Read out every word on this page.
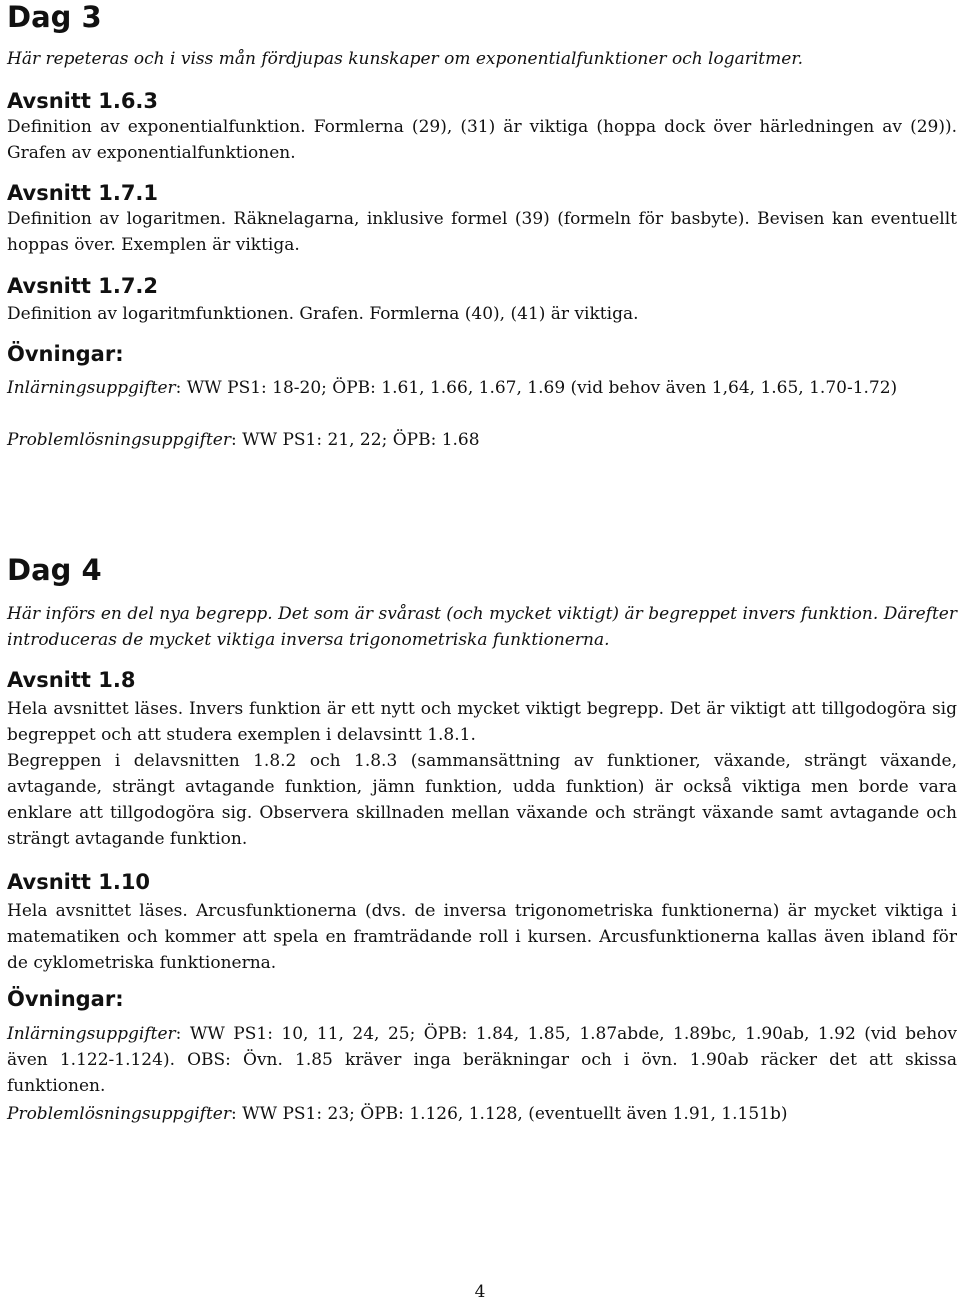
Dag 3

Här repeteras och i viss mån fördjupas kunskaper om exponentialfunktioner och logaritmer.

Avsnitt 1.6.3

Definition av exponentialfunktion. Formlerna (29), (31) är viktiga (hoppa dock över härledningen av (29)). Grafen av exponentialfunktionen.

Avsnitt 1.7.1

Definition av logaritmen. Räknelagarna, inklusive formel (39) (formeln för basbyte). Bevisen kan eventuellt hoppas över. Exemplen är viktiga.

Avsnitt 1.7.2

Definition av logaritmfunktionen. Grafen. Formlerna (40), (41) är viktiga.

Övningar:

Inlärningsuppgifter: WW PS1: 18-20; ÖPB: 1.61, 1.66, 1.67, 1.69 (vid behov även 1,64, 1.65, 1.70-1.72)

Problemlösningsuppgifter: WW PS1: 21, 22; ÖPB: 1.68

Dag 4

Här införs en del nya begrepp. Det som är svårast (och mycket viktigt) är begreppet invers funktion. Därefter introduceras de mycket viktiga inversa trigonometriska funktionerna.

Avsnitt 1.8

Hela avsnittet läses. Invers funktion är ett nytt och mycket viktigt begrepp. Det är viktigt att tillgodogöra sig begreppet och att studera exemplen i delavsintt 1.8.1.

Begreppen i delavsnitten 1.8.2 och 1.8.3 (sammansättning av funktioner, växande, strängt växande, avtagande, strängt avtagande funktion, jämn funktion, udda funktion) är också viktiga men borde vara enklare att tillgodogöra sig. Observera skillnaden mellan växande och strängt växande samt avtagande och strängt avtagande funktion.

Avsnitt 1.10

Hela avsnittet läses. Arcusfunktionerna (dvs. de inversa trigonometriska funktionerna) är mycket viktiga i matematiken och kommer att spela en framträdande roll i kursen. Arcusfunktionerna kallas även ibland för de cyklometriska funktionerna.

Övningar:

Inlärningsuppgifter: WW PS1: 10, 11, 24, 25; ÖPB: 1.84, 1.85, 1.87abde, 1.89bc, 1.90ab, 1.92 (vid behov även 1.122-1.124). OBS: Övn. 1.85 kräver inga beräkningar och i övn. 1.90ab räcker det att skissa funktionen.

Problemlösningsuppgifter: WW PS1: 23; ÖPB: 1.126, 1.128, (eventuellt även 1.91, 1.151b)

4
